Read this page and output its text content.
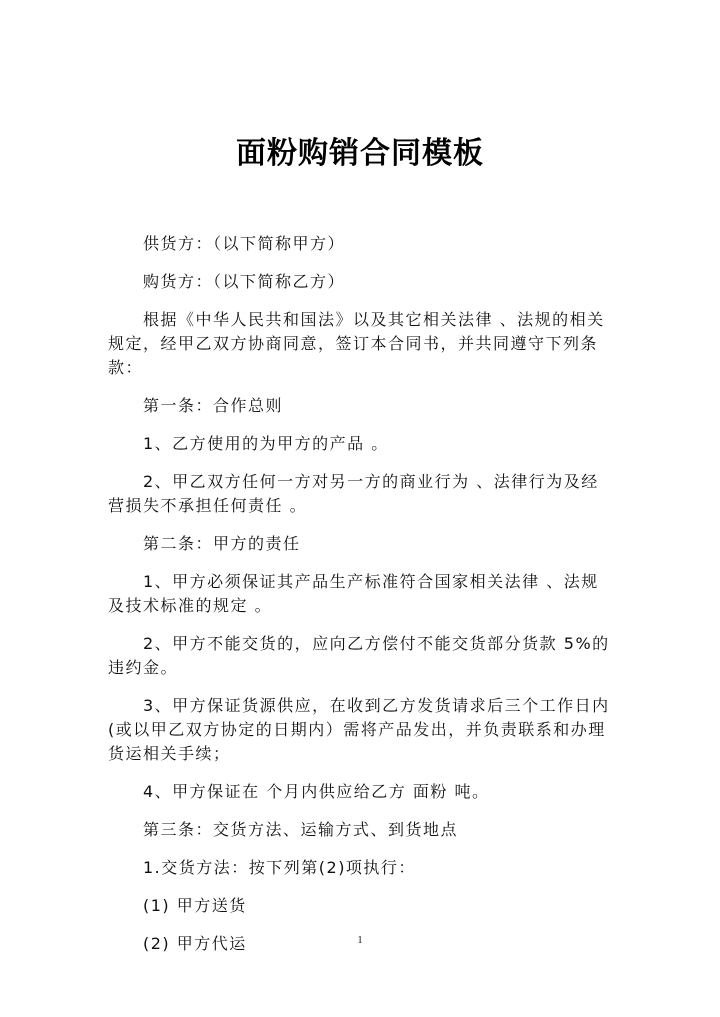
面粉购销合同模板

供货方：（以下简称甲方）

购货方：（以下简称乙方）

根据《中华人民共和国法》以及其它相关法律 、法规的相关规定，经甲乙双方协商同意，签订本合同书，并共同遵守下列条款：

第一条：合作总则

1、乙方使用的为甲方的产品 。

2、甲乙双方任何一方对另一方的商业行为 、法律行为及经营损失不承担任何责任 。

第二条：甲方的责任

1、甲方必须保证其产品生产标准符合国家相关法律 、法规及技术标准的规定 。

2、甲方不能交货的，应向乙方偿付不能交货部分货款 5%的违约金。

3、甲方保证货源供应，在收到乙方发货请求后三个工作日内(或以甲乙双方协定的日期内）需将产品发出，并负责联系和办理货运相关手续；

4、甲方保证在 个月内供应给乙方 面粉 吨。

第三条：交货方法、运输方式、到货地点

1.交货方法：按下列第(2)项执行：

(1) 甲方送货

(2) 甲方代运	1
